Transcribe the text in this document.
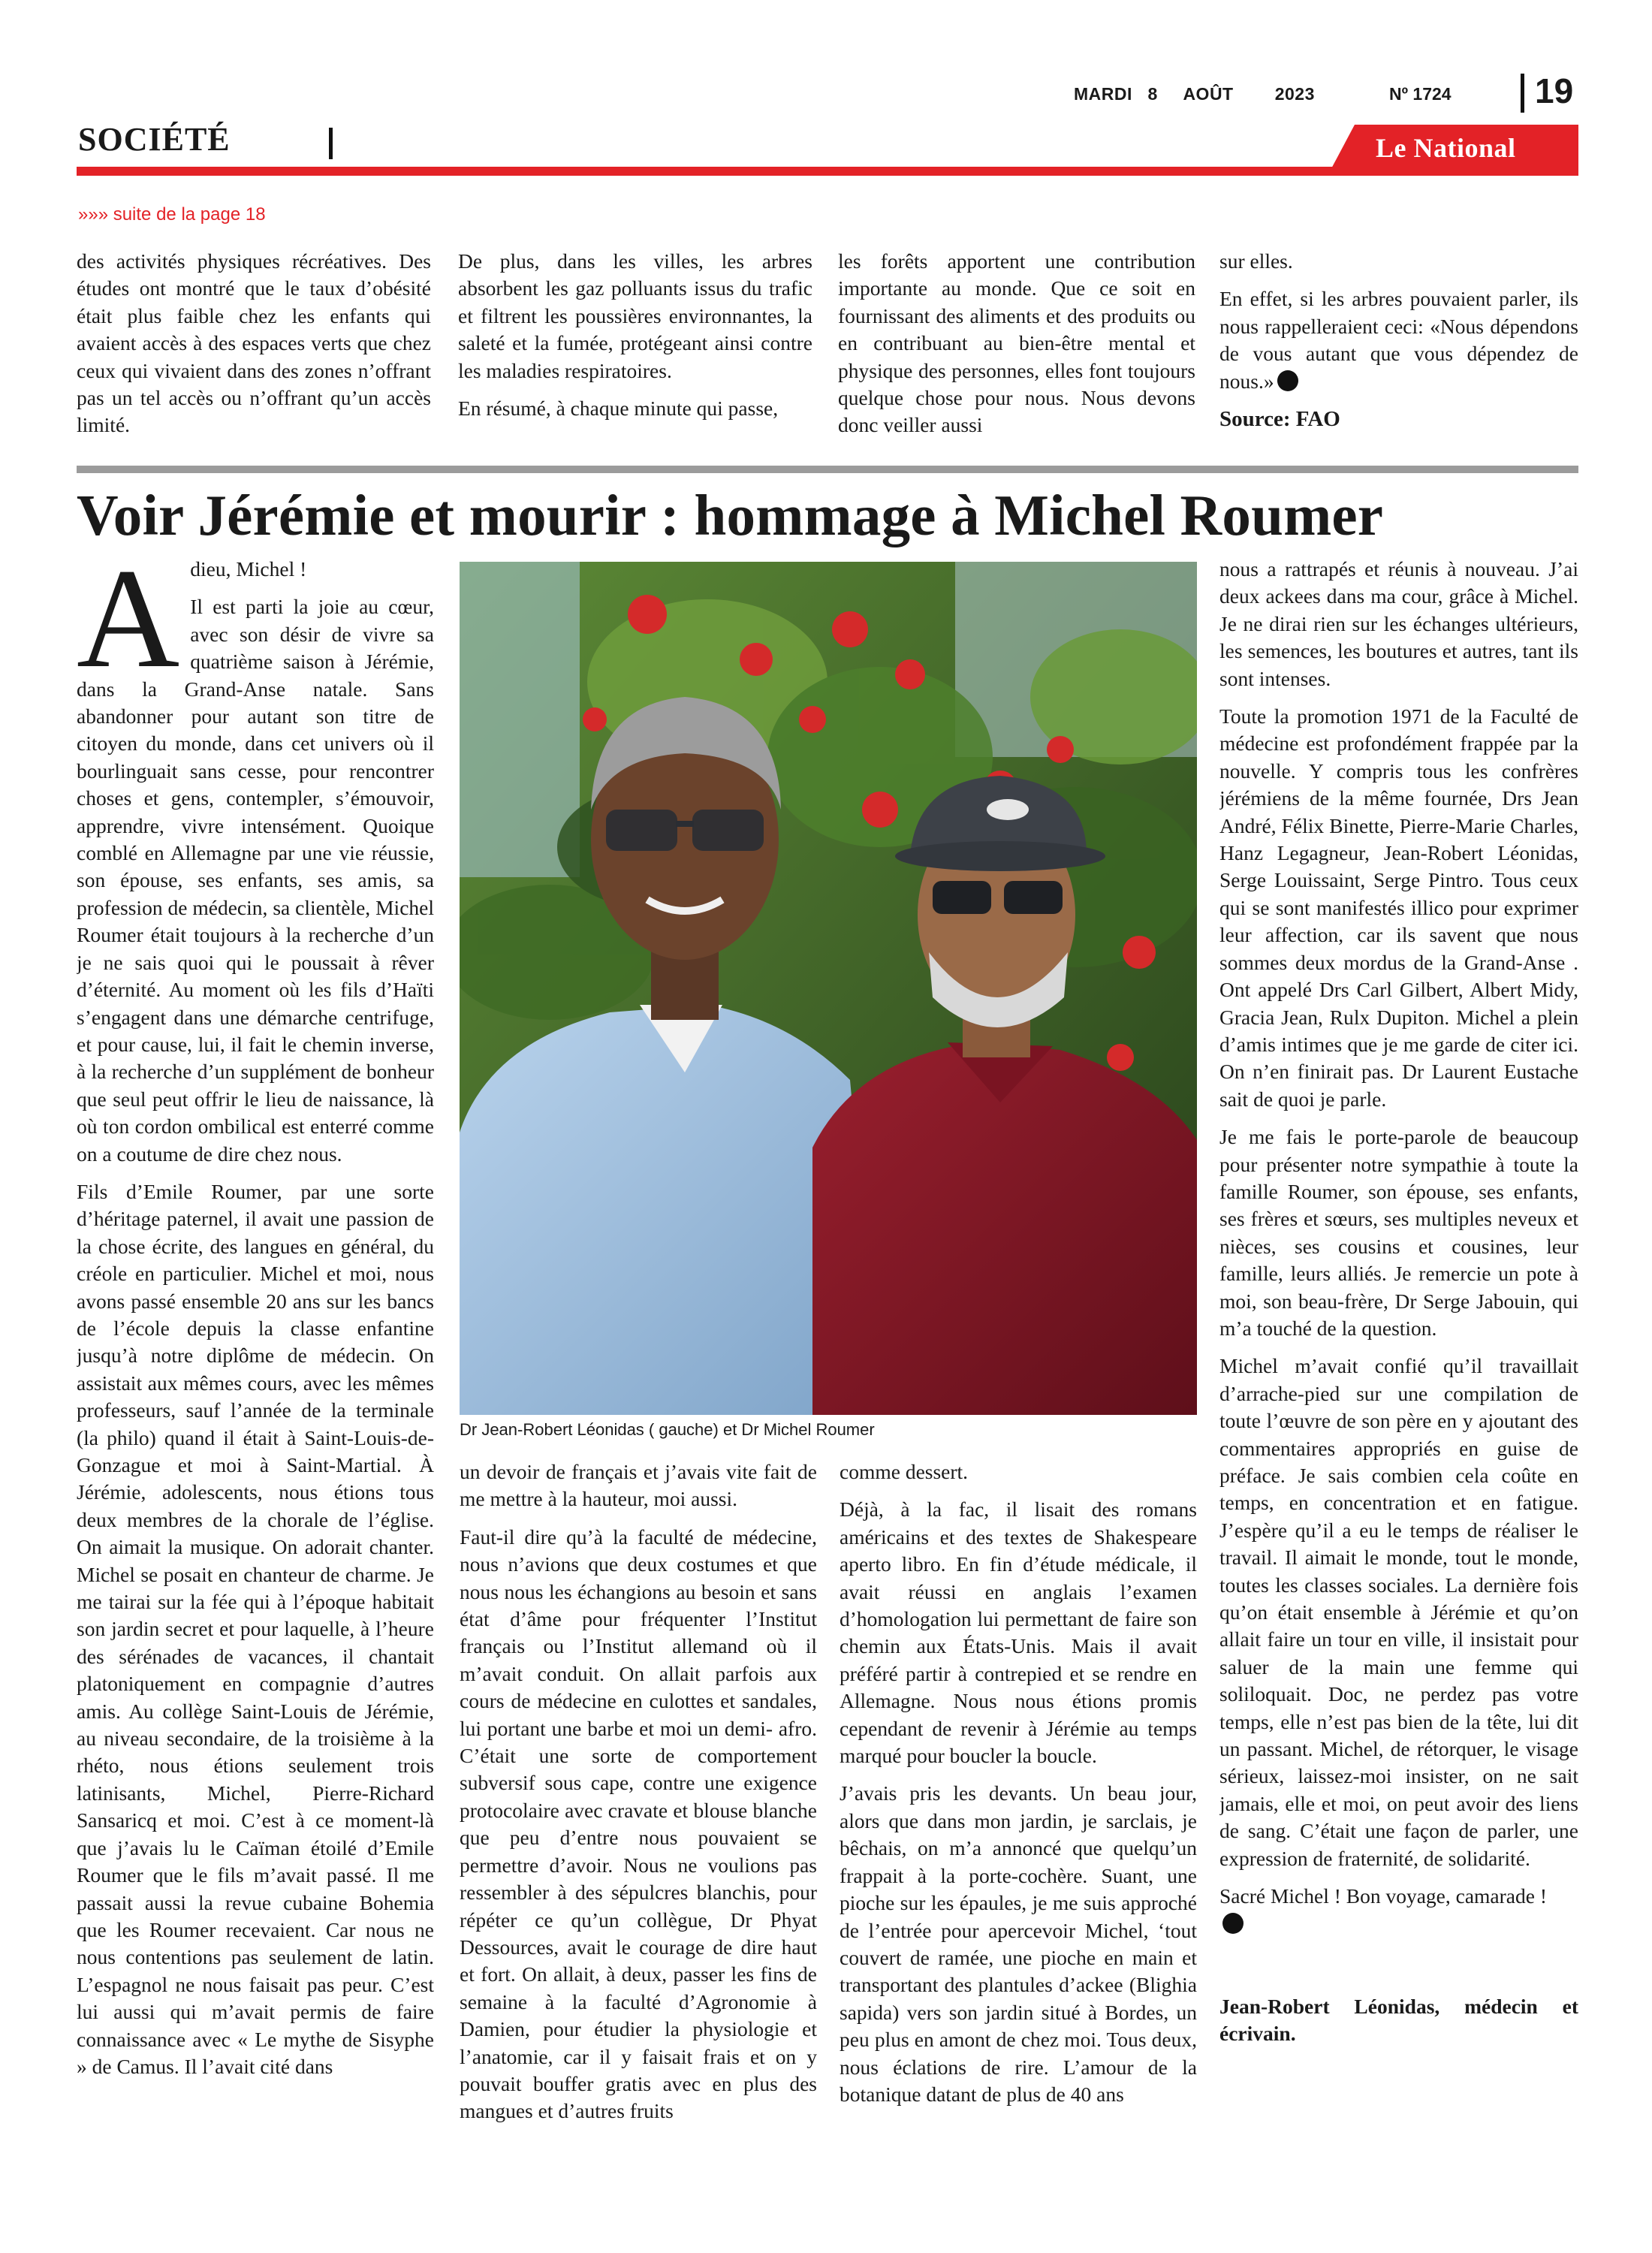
MARDI   8     AOÛT        2023	Nº 1724 19
SOCIÉTÉ	Le National
»»» suite de la page 18

des activités physiques récréatives. Des études ont montré que le taux d’obésité était plus faible chez les enfants qui avaient accès à des espaces verts que chez ceux qui vivaient dans des zones n’offrant pas un tel accès ou n’offrant qu’un accès limité.

De plus, dans les villes, les arbres absorbent les gaz polluants issus du trafic et filtrent les poussières environnantes, la saleté et la fumée, protégeant ainsi contre les maladies respiratoires.

En résumé, à chaque minute qui passe,

les forêts apportent une contribution importante au monde. Que ce soit en fournissant des aliments et des produits ou en contribuant au bien-être mental et physique des personnes, elles font toujours quelque chose pour nous. Nous devons donc veiller aussi

sur elles.

En effet, si les arbres pouvaient parler, ils nous rappelleraient ceci: «Nous dépendons de vous autant que vous dépendez de nous.»

Source: FAO
Voir Jérémie et mourir : hommage à Michel Roumer

Adieu, Michel !

Il est parti la joie au cœur, avec son désir de vivre sa quatrième saison à Jérémie, dans la Grand-Anse natale. Sans abandonner pour autant son titre de citoyen du monde, dans cet univers où il bourlinguait sans cesse, pour rencontrer choses et gens, contempler, s’émouvoir, apprendre, vivre intensément. Quoique comblé en Allemagne par une vie réussie, son épouse, ses enfants, ses amis, sa profession de médecin, sa clientèle, Michel Roumer était toujours à la recherche d’un je ne sais quoi qui le poussait à rêver d’éternité. Au moment où les fils d’Haïti s’engagent dans une démarche centrifuge, et pour cause, lui, il fait le chemin inverse, à la recherche d’un supplément de bonheur que seul peut offrir le lieu de naissance, là où ton cordon ombilical est enterré comme on a coutume de dire chez nous.

Fils d’Emile Roumer, par une sorte d’héritage paternel, il avait une passion de la chose écrite, des langues en général, du créole en particulier. Michel et moi, nous avons passé ensemble 20 ans sur les bancs de l’école depuis la classe enfantine jusqu’à notre diplôme de médecin. On assistait aux mêmes cours, avec les mêmes professeurs, sauf l’année de la terminale (la philo) quand il était à Saint-Louis-de-Gonzague et moi à Saint-Martial. À Jérémie, adolescents, nous étions tous deux membres de la chorale de l’église. On aimait la musique. On adorait chanter. Michel se posait en chanteur de charme. Je me tairai sur la fée qui à l’époque habitait son jardin secret et pour laquelle, à l’heure des sérénades de vacances, il chantait platoniquement en compagnie d’autres amis. Au collège Saint-Louis de Jérémie, au niveau secondaire, de la troisième à la rhéto, nous étions seulement trois latinisants, Michel, Pierre-Richard Sansaricq et moi. C’est à ce moment-là que j’avais lu le Caïman étoilé d’Emile Roumer que le fils m’avait passé. Il me passait aussi la revue cubaine Bohemia que les Roumer recevaient. Car nous ne nous contentions pas seulement de latin. L’espagnol ne nous faisait pas peur. C’est lui aussi qui m’avait permis de faire connaissance avec « Le mythe de Sisyphe » de Camus. Il l’avait cité dans

Dr Jean-Robert Léonidas ( gauche) et Dr Michel Roumer

un devoir de français et j’avais vite fait de me mettre à la hauteur, moi aussi.

Faut-il dire qu’à la faculté de médecine, nous n’avions que deux costumes et que nous nous les échangions au besoin et sans état d’âme pour fréquenter l’Institut français ou l’Institut allemand où il m’avait conduit. On allait parfois aux cours de médecine en culottes et sandales, lui portant une barbe et moi un demi- afro. C’était une sorte de comportement subversif sous cape, contre une exigence protocolaire avec cravate et blouse blanche que peu d’entre nous pouvaient se permettre d’avoir. Nous ne voulions pas ressembler à des sépulcres blanchis, pour répéter ce qu’un collègue, Dr Phyat Dessources, avait le courage de dire haut et fort. On allait, à deux, passer les fins de semaine à la faculté d’Agronomie à Damien, pour étudier la physiologie et l’anatomie, car il y faisait frais et on y pouvait bouffer gratis avec en plus des mangues et d’autres fruits

comme dessert.

Déjà, à la fac, il lisait des romans américains et des textes de Shakespeare aperto libro. En fin d’étude médicale, il avait réussi en anglais l’examen d’homologation lui permettant de faire son chemin aux États-Unis. Mais il avait préféré partir à contrepied et se rendre en Allemagne. Nous nous étions promis cependant de revenir à Jérémie au temps marqué pour boucler la boucle.

J’avais pris les devants. Un beau jour, alors que dans mon jardin, je sarclais, je bêchais, on m’a annoncé que quelqu’un frappait à la porte-cochère. Suant, une pioche sur les épaules, je me suis approché de l’entrée pour apercevoir Michel, ‘tout couvert de ramée, une pioche en main et transportant des plantules d’ackee (Blighia sapida) vers son jardin situé à Bordes, un peu plus en amont de chez moi. Tous deux, nous éclations de rire. L’amour de la botanique datant de plus de 40 ans

nous a rattrapés et réunis à nouveau. J’ai deux ackees dans ma cour, grâce à Michel. Je ne dirai rien sur les échanges ultérieurs, les semences, les boutures et autres, tant ils sont intenses.

Toute la promotion 1971 de la Faculté de médecine est profondément frappée par la nouvelle. Y compris tous les confrères jérémiens de la même fournée, Drs Jean André, Félix Binette, Pierre-Marie Charles, Hanz Legagneur, Jean-Robert Léonidas, Serge Louissaint, Serge Pintro. Tous ceux qui se sont manifestés illico pour exprimer leur affection, car ils savent que nous sommes deux mordus de la Grand-Anse . Ont appelé Drs Carl Gilbert, Albert Midy, Gracia Jean, Rulx Dupiton. Michel a plein d’amis intimes que je me garde de citer ici. On n’en finirait pas. Dr Laurent Eustache sait de quoi je parle.

Je me fais le porte-parole de beaucoup pour présenter notre sympathie à toute la famille Roumer, son épouse, ses enfants, ses frères et sœurs, ses multiples neveux et nièces, ses cousins et cousines, leur famille, leurs alliés. Je remercie un pote à moi, son beau-frère, Dr Serge Jabouin, qui m’a touché de la question.

Michel m’avait confié qu’il travaillait d’arrache-pied sur une compilation de toute l’œuvre de son père en y ajoutant des commentaires appropriés en guise de préface. Je sais combien cela coûte en temps, en concentration et en fatigue. J’espère qu’il a eu le temps de réaliser le travail. Il aimait le monde, tout le monde, toutes les classes sociales. La dernière fois qu’on était ensemble à Jérémie et qu’on allait faire un tour en ville, il insistait pour saluer de la main une femme qui soliloquait. Doc, ne perdez pas votre temps, elle n’est pas bien de la tête, lui dit un passant. Michel, de rétorquer, le visage sérieux, laissez-moi insister, on ne sait jamais, elle et moi, on peut avoir des liens de sang. C’était une façon de parler, une expression de fraternité, de solidarité.

Sacré Michel ! Bon voyage, camarade !

Jean-Robert Léonidas, médecin et écrivain.
